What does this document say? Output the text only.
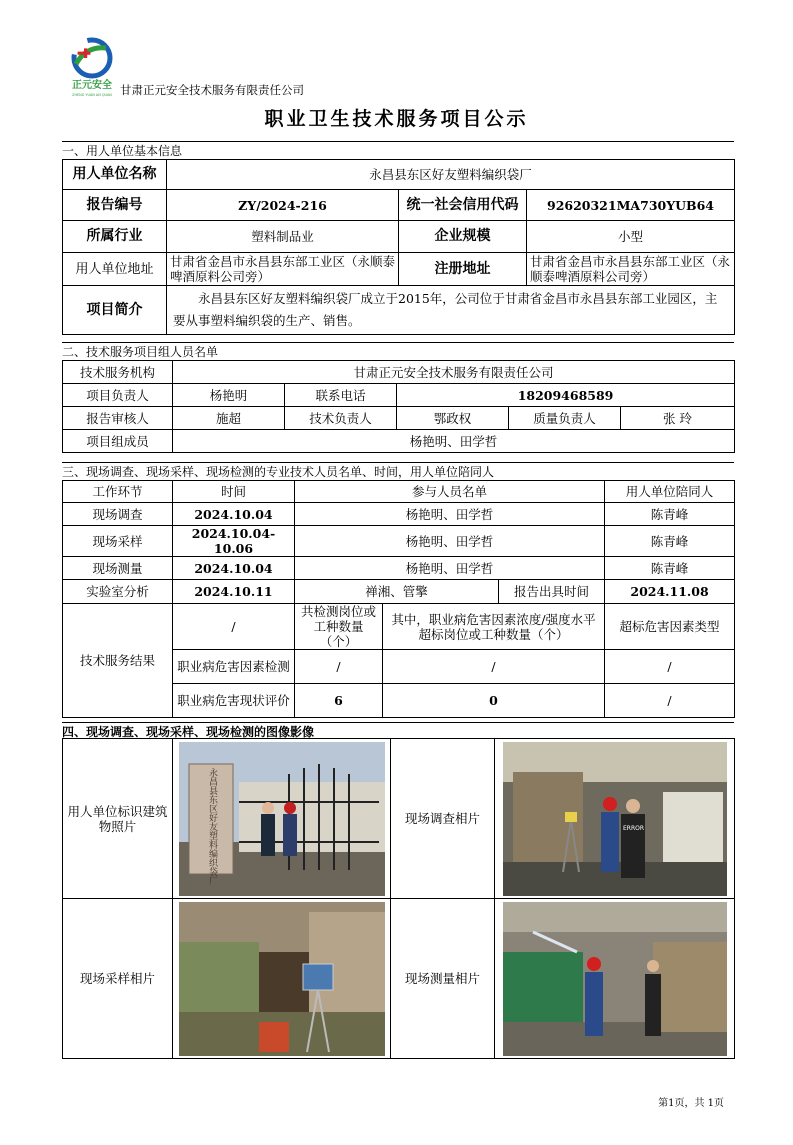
正元安全
ZHENG YUAN AN QUAN 甘肃正元安全技术服务有限责任公司
职业卫生技术服务项目公示
一、用人单位基本信息
用人单位名称	永昌县东区好友塑料编织袋厂		
报告编号	ZY/2024-216	统一社会信用代码	92620321MA730YUB64
所属行业	塑料制品业	企业规模	小型
用人单位地址	甘肃省金昌市永昌县东部工业区（永顺泰啤酒原料公司旁）	注册地址	甘肃省金昌市永昌县东部工业区（永顺泰啤酒原料公司旁）
项目简介	永昌县东区好友塑料编织袋厂成立于2015年，公司位于甘肃省金昌市永昌县东部工业园区，主要从事塑料编织袋的生产、销售。		
二、技术服务项目组人员名单
技术服务机构	甘肃正元安全技术服务有限责任公司				
项目负责人	杨艳明	联系电话	18209468589		
报告审核人	施超	技术负责人	鄂政权	质量负责人	张 玲
项目组成员	杨艳明、田学哲				
三、现场调查、现场采样、现场检测的专业技术人员名单、时间，用人单位陪同人
工作环节	时间	参与人员名单			用人单位陪同人
现场调查	2024.10.04	杨艳明、田学哲			陈青峰
现场采样	2024.10.04-10.06	杨艳明、田学哲			陈青峰
现场测量	2024.10.04	杨艳明、田学哲			陈青峰
实验室分析	2024.10.11	禅湘、管擎		报告出具时间	2024.11.08
技术服务结果	/	共检测岗位或工种数量（个）	其中，职业病危害因素浓度/强度水平超标岗位或工种数量（个）		超标危害因素类型
	职业病危害因素检测	/	/		/
	职业病危害现状评价	6	0		/
四、现场调查、现场采样、现场检测的图像影像
用人单位标识建筑物照片	永昌县东区好友塑料编织袋厂	现场调查相片	ERROR

现场采样相片		现场测量相片	
第1页，共 1页
